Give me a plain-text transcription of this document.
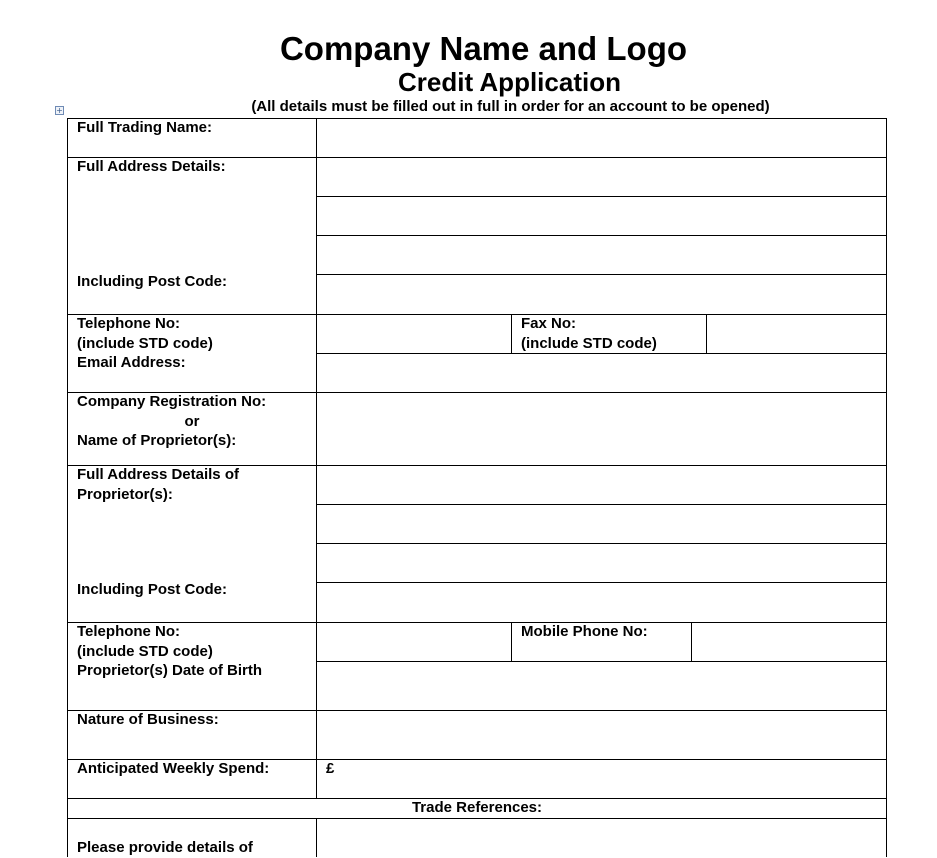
Company Name and Logo
Credit Application
(All details must be filled out in full in order for an account to be opened)
+
Full Trading Name:
Full Address Details:
Including Post Code:
Telephone No:
(include STD code)
Fax No:
(include STD code)
Email Address:
Company Registration No:
or
Name of Proprietor(s):
Full Address Details of
Proprietor(s):
Including Post Code:
Telephone No:
(include STD code)
Mobile Phone No:
Proprietor(s) Date of Birth
Nature of Business:
Anticipated Weekly Spend:	£
Trade References:
Please provide details of
